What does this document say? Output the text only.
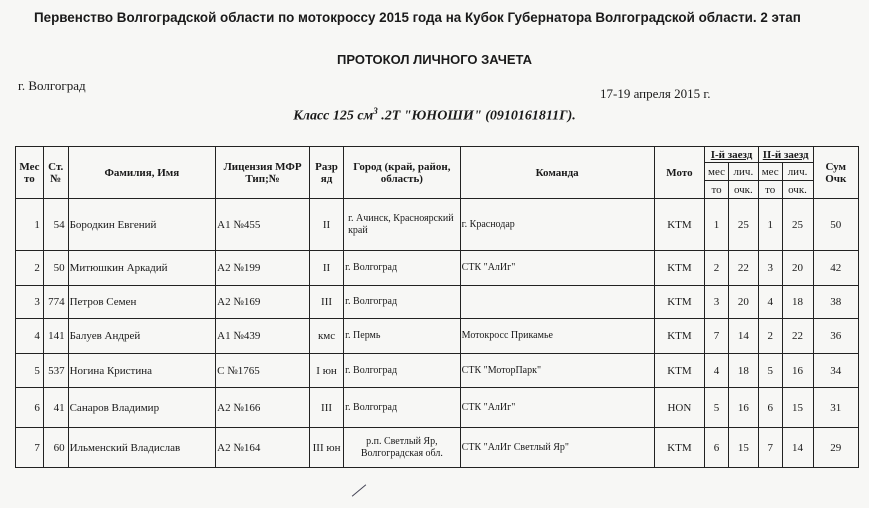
Первенство Волгоградской области по мотокроссу 2015 года на Кубок Губернатора Волгоградской области. 2 этап
ПРОТОКОЛ ЛИЧНОГО ЗАЧЕТА
г. Волгоград
17-19 апреля 2015 г.
Класс 125 $см^3$ .2Т "ЮНОШИ" (0910161811Г).
Мес то	Ст. №	Фамилия, Имя	Лицензия МФР Тип;№	Разр яд	Город (край, район, область)	Команда	Мото	I-й заезд		II-й заезд		Сум Очк
								мес	лич.	мес	лич.	
								то	очк.	то	очк.	
1	54	Бородкин Евгений	А1 №455	II	г. Ачинск, Красноярский край	г. Краснодар	KTM	1	25	1	25	50
2	50	Митюшкин Аркадий	А2 №199	II	г. Волгоград	СТК "АлИг"	KTM	2	22	3	20	42
3	774	Петров Семен	А2 №169	III	г. Волгоград		KTM	3	20	4	18	38
4	141	Балуев Андрей	А1 №439	кмс	г. Пермь	Мотокросс Прикамье	KTM	7	14	2	22	36
5	537	Ногина Кристина	С №1765	I юн	г. Волгоград	СТК "МоторПарк"	KTM	4	18	5	16	34
6	41	Санаров Владимир	А2 №166	III	г. Волгоград	СТК "АлИг"	HON	5	16	6	15	31
7	60	Ильменский Владислав	А2 №164	III юн	р.п. Светлый Яр, Волгоградская обл.	СТК "АлИг Светлый Яр"	KTM	6	15	7	14	29
